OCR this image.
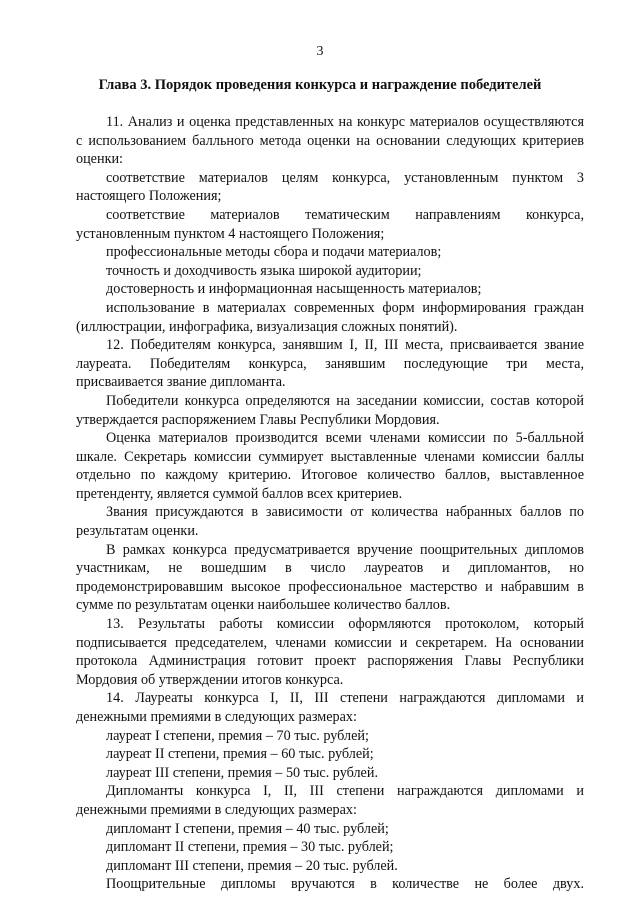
3
Глава 3. Порядок проведения конкурса и награждение победителей

11. Анализ и оценка представленных на конкурс материалов осуществляются с использованием балльного метода оценки на основании следующих критериев оценки:

соответствие материалов целям конкурса, установленным пунктом 3 настоящего Положения;

соответствие материалов тематическим направлениям конкурса, установленным пунктом 4 настоящего Положения;

профессиональные методы сбора и подачи материалов;

точность и доходчивость языка широкой аудитории;

достоверность и информационная насыщенность материалов;

использование в материалах современных форм информирования граждан (иллюстрации, инфографика, визуализация сложных понятий).

12. Победителям конкурса, занявшим I, II, III места, присваивается звание лауреата. Победителям конкурса, занявшим последующие три места, присваивается звание дипломанта.

Победители конкурса определяются на заседании комиссии, состав которой утверждается распоряжением Главы Республики Мордовия.

Оценка материалов производится всеми членами комиссии по 5-балльной шкале. Секретарь комиссии суммирует выставленные членами комиссии баллы отдельно по каждому критерию. Итоговое количество баллов, выставленное претенденту, является суммой баллов всех критериев.

Звания присуждаются в зависимости от количества набранных баллов по результатам оценки.

В рамках конкурса предусматривается вручение поощрительных дипломов участникам, не вошедшим в число лауреатов и дипломантов, но продемонстрировавшим высокое профессиональное мастерство и набравшим в сумме по результатам оценки наибольшее количество баллов.

13. Результаты работы комиссии оформляются протоколом, который подписывается председателем, членами комиссии и секретарем. На основании протокола Администрация готовит проект распоряжения Главы Республики Мордовия об утверждении итогов конкурса.

14. Лауреаты конкурса I, II, III степени награждаются дипломами и денежными премиями в следующих размерах:

лауреат I степени, премия – 70 тыс. рублей;

лауреат II степени, премия – 60 тыс. рублей;

лауреат III степени, премия – 50 тыс. рублей.

Дипломанты конкурса I, II, III степени награждаются дипломами и денежными премиями в следующих размерах:

дипломант I степени, премия – 40 тыс. рублей;

дипломант II степени, премия – 30 тыс. рублей;

дипломант III степени, премия – 20 тыс. рублей.

Поощрительные дипломы вручаются в количестве не более двух.
